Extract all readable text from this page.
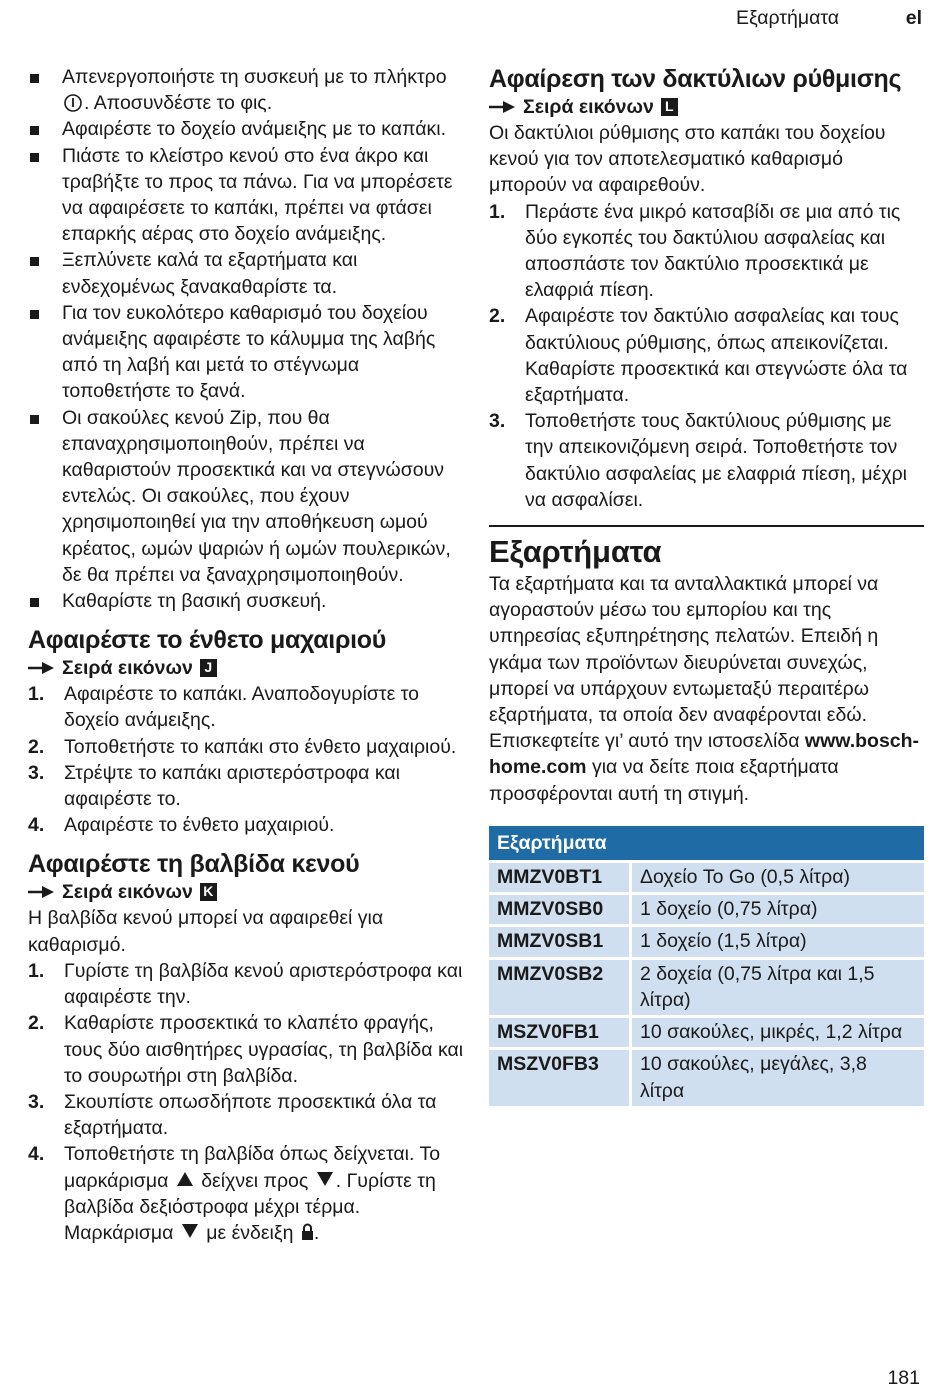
Εξαρτήματα	el
Απενεργοποιήστε τη συσκευή με το πλήκτρο . Αποσυνδέστε το φις.
Αφαιρέστε το δοχείο ανάμειξης με το καπάκι.
Πιάστε το κλείστρο κενού στο ένα άκρο και τραβήξτε το προς τα πάνω. Για να μπορέσετε να αφαιρέσετε το καπάκι, πρέπει να φτάσει επαρκής αέρας στο δοχείο ανάμειξης.
Ξεπλύνετε καλά τα εξαρτήματα και ενδεχομένως ξανακαθαρίστε τα.
Για τον ευκολότερο καθαρισμό του δοχείου ανάμειξης αφαιρέστε το κάλυμμα της λαβής από τη λαβή και μετά το στέγνωμα τοποθετήστε το ξανά.
Οι σακούλες κενού Zip, που θα επαναχρησιμοποιηθούν, πρέπει να καθαριστούν προσεκτικά και να στεγνώσουν εντελώς. Οι σακούλες, που έχουν χρησιμοποιηθεί για την αποθήκευση ωμού κρέατος, ωμών ψαριών ή ωμών πουλερικών, δε θα πρέπει να ξαναχρησιμοποιηθούν.
Καθαρίστε τη βασική συσκευή.
Αφαιρέστε το ένθετο μαχαιριού
Σειρά εικόνων J
1. Αφαιρέστε το καπάκι. Αναποδογυρίστε το δοχείο ανάμειξης.
2. Τοποθετήστε το καπάκι στο ένθετο μαχαιριού.
3. Στρέψτε το καπάκι αριστερόστροφα και αφαιρέστε το.
4. Αφαιρέστε το ένθετο μαχαιριού.
Αφαιρέστε τη βαλβίδα κενού
Σειρά εικόνων K

Η βαλβίδα κενού μπορεί να αφαιρεθεί για καθαρισμό.

1. Γυρίστε τη βαλβίδα κενού αριστερόστροφα και αφαιρέστε την.
2. Καθαρίστε προσεκτικά το κλαπέτο φραγής, τους δύο αισθητήρες υγρασίας, τη βαλβίδα και το σουρωτήρι στη βαλβίδα.
3. Σκουπίστε οπωσδήποτε προσεκτικά όλα τα εξαρτήματα.
4. Τοποθετήστε τη βαλβίδα όπως δείχνεται. Το μαρκάρισμα δείχνει προς . Γυρίστε τη βαλβίδα δεξιόστροφα μέχρι τέρμα. Μαρκάρισμα με ένδειξη .
Αφαίρεση των δακτύλιων ρύθμισης
Σειρά εικόνων L

Οι δακτύλιοι ρύθμισης στο καπάκι του δοχείου κενού για τον αποτελεσματικό καθαρισμό μπορούν να αφαιρεθούν.

1. Περάστε ένα μικρό κατσαβίδι σε μια από τις δύο εγκοπές του δακτύλιου ασφαλείας και αποσπάστε τον δακτύλιο προσεκτικά με ελαφριά πίεση.
2. Αφαιρέστε τον δακτύλιο ασφαλείας και τους δακτύλιους ρύθμισης, όπως απεικονίζεται. Καθαρίστε προσεκτικά και στεγνώστε όλα τα εξαρτήματα.
3. Τοποθετήστε τους δακτύλιους ρύθμισης με την απεικονιζόμενη σειρά. Τοποθετήστε τον δακτύλιο ασφαλείας με ελαφριά πίεση, μέχρι να ασφαλίσει.
Εξαρτήματα

Τα εξαρτήματα και τα ανταλλακτικά μπορεί να αγοραστούν μέσω του εμπορίου και της υπηρεσίας εξυπηρέτησης πελατών. Επειδή η γκάμα των προϊόντων διευρύνεται συνεχώς, μπορεί να υπάρχουν εντωμεταξύ περαιτέρω εξαρτήματα, τα οποία δεν αναφέρονται εδώ. Επισκεφτείτε γι’ αυτό την ιστοσελίδα www.bosch-home.com για να δείτε ποια εξαρτήματα προσφέρονται αυτή τη στιγμή.

Εξαρτήματα	
MMZV0BT1	Δοχείο To Go (0,5 λίτρα)
MMZV0SB0	1 δοχείο (0,75 λίτρα)
MMZV0SB1	1 δοχείο (1,5 λίτρα)
MMZV0SB2	2 δοχεία (0,75 λίτρα και 1,5 λίτρα)
MSZV0FB1	10 σακούλες, μικρές, 1,2 λίτρα
MSZV0FB3	10 σακούλες, μεγάλες, 3,8 λίτρα
181
